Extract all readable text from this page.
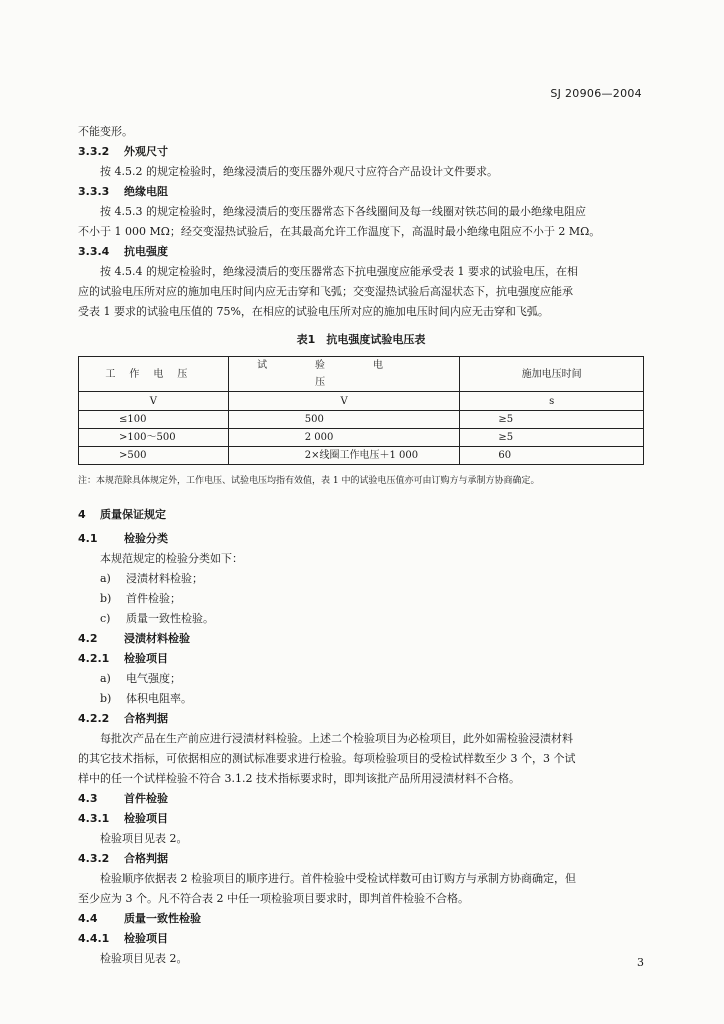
SJ 20906—2004
不能变形。
3.3.2 外观尺寸
按 4.5.2 的规定检验时，绝缘浸渍后的变压器外观尺寸应符合产品设计文件要求。
3.3.3 绝缘电阻
按 4.5.3 的规定检验时，绝缘浸渍后的变压器常态下各线圈间及每一线圈对铁芯间的最小绝缘电阻应
不小于 1 000 MΩ；经交变湿热试验后，在其最高允许工作温度下，高温时最小绝缘电阻应不小于 2 MΩ。
3.3.4 抗电强度
按 4.5.4 的规定检验时，绝缘浸渍后的变压器常态下抗电强度应能承受表 1 要求的试验电压，在相
应的试验电压所对应的施加电压时间内应无击穿和飞弧；交变湿热试验后高湿状态下，抗电强度应能承
受表 1 要求的试验电压值的 75%，在相应的试验电压所对应的施加电压时间内应无击穿和飞弧。
表1　抗电强度试验电压表
工作电压	试验电压	施加电压时间
V	V	s
≤100	500	≥5
>100～500	2 000	≥5
>500	2×线圈工作电压＋1 000	60
注：本规范除具体规定外，工作电压、试验电压均指有效值，表 1 中的试验电压值亦可由订购方与承制方协商确定。
4 质量保证规定
4.1 检验分类
本规范规定的检验分类如下：
a) 浸渍材料检验；
b) 首件检验；
c) 质量一致性检验。
4.2 浸渍材料检验
4.2.1 检验项目
a) 电气强度；
b) 体积电阻率。
4.2.2 合格判据
每批次产品在生产前应进行浸渍材料检验。上述二个检验项目为必检项目，此外如需检验浸渍材料
的其它技术指标，可依据相应的测试标准要求进行检验。每项检验项目的受检试样数至少 3 个，3 个试
样中的任一个试样检验不符合 3.1.2 技术指标要求时，即判该批产品所用浸渍材料不合格。
4.3 首件检验
4.3.1 检验项目
检验项目见表 2。
4.3.2 合格判据
检验顺序依据表 2 检验项目的顺序进行。首件检验中受检试样数可由订购方与承制方协商确定，但
至少应为 3 个。凡不符合表 2 中任一项检验项目要求时，即判首件检验不合格。
4.4 质量一致性检验
4.4.1 检验项目
检验项目见表 2。	3
